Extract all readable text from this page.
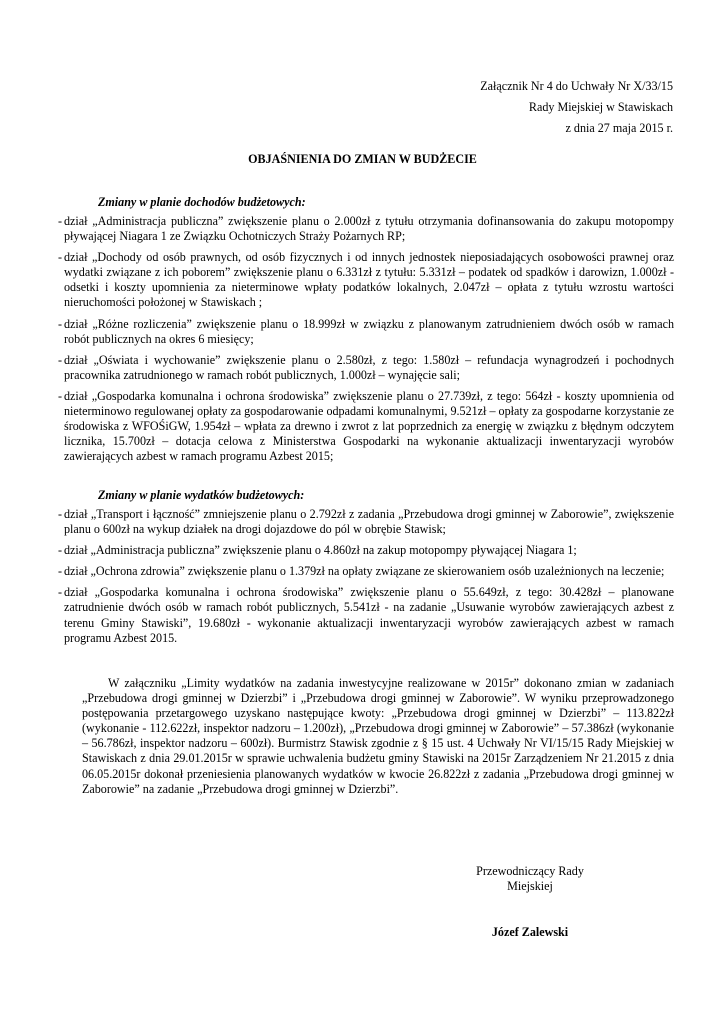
Załącznik Nr 4 do Uchwały Nr X/33/15
Rady Miejskiej w Stawiskach
z dnia 27 maja 2015 r.
OBJAŚNIENIA DO ZMIAN W BUDŻECIE
Zmiany w planie dochodów budżetowych:
- dział „Administracja publiczna” zwiększenie planu o 2.000zł z tytułu otrzymania dofinansowania do zakupu motopompy pływającej Niagara 1 ze Związku Ochotniczych Straży Pożarnych RP;
- dział „Dochody od osób prawnych, od osób fizycznych i od innych jednostek nieposiadających osobowości prawnej oraz wydatki związane z ich poborem” zwiększenie planu o 6.331zł z tytułu: 5.331zł – podatek od spadków i darowizn, 1.000zł - odsetki i koszty upomnienia za nieterminowe wpłaty podatków lokalnych, 2.047zł – opłata z tytułu wzrostu wartości nieruchomości położonej w Stawiskach ;
- dział „Różne rozliczenia” zwiększenie planu o 18.999zł w związku z planowanym zatrudnieniem dwóch osób w ramach robót publicznych na okres 6 miesięcy;
- dział „Oświata i wychowanie” zwiększenie planu o 2.580zł, z tego: 1.580zł – refundacja wynagrodzeń i pochodnych pracownika zatrudnionego w ramach robót publicznych, 1.000zł – wynajęcie sali;
- dział „Gospodarka komunalna i ochrona środowiska” zwiększenie planu o 27.739zł, z tego: 564zł - koszty upomnienia od nieterminowo regulowanej opłaty za gospodarowanie odpadami komunalnymi, 9.521zł – opłaty za gospodarne korzystanie ze środowiska z WFOŚiGW, 1.954zł – wpłata za drewno i zwrot z lat poprzednich za energię w związku z błędnym odczytem licznika, 15.700zł – dotacja celowa z Ministerstwa Gospodarki na wykonanie aktualizacji inwentaryzacji wyrobów zawierających azbest w ramach programu Azbest 2015;
Zmiany w planie wydatków budżetowych:
- dział „Transport i łączność” zmniejszenie planu o 2.792zł z zadania „Przebudowa drogi gminnej w Zaborowie”, zwiększenie planu o 600zł na wykup działek na drogi dojazdowe do pól w obrębie Stawisk;
- dział „Administracja publiczna” zwiększenie planu o 4.860zł na zakup motopompy pływającej Niagara 1;
- dział „Ochrona zdrowia” zwiększenie planu o 1.379zł na opłaty związane ze skierowaniem osób uzależnionych na leczenie;
- dział „Gospodarka komunalna i ochrona środowiska” zwiększenie planu o 55.649zł, z tego: 30.428zł – planowane zatrudnienie dwóch osób w ramach robót publicznych, 5.541zł - na zadanie „Usuwanie wyrobów zawierających azbest z terenu Gminy Stawiski”, 19.680zł - wykonanie aktualizacji inwentaryzacji wyrobów zawierających azbest w ramach programu Azbest 2015.
W załączniku „Limity wydatków na zadania inwestycyjne realizowane w 2015r” dokonano zmian w zadaniach „Przebudowa drogi gminnej w Dzierzbi” i „Przebudowa drogi gminnej w Zaborowie”. W wyniku przeprowadzonego postępowania przetargowego uzyskano następujące kwoty: „Przebudowa drogi gminnej w Dzierzbi” – 113.822zł (wykonanie - 112.622zł, inspektor nadzoru – 1.200zł), „Przebudowa drogi gminnej w Zaborowie” – 57.386zł (wykonanie – 56.786zł, inspektor nadzoru – 600zł). Burmistrz Stawisk zgodnie z § 15 ust. 4 Uchwały Nr VI/15/15 Rady Miejskiej w Stawiskach z dnia 29.01.2015r w sprawie uchwalenia budżetu gminy Stawiski na 2015r Zarządzeniem Nr 21.2015 z dnia 06.05.2015r dokonał przeniesienia planowanych wydatków w kwocie 26.822zł z zadania „Przebudowa drogi gminnej w Zaborowie” na zadanie „Przebudowa drogi gminnej w Dzierzbi”.
Przewodniczący Rady
Miejskiej
Józef Zalewski
